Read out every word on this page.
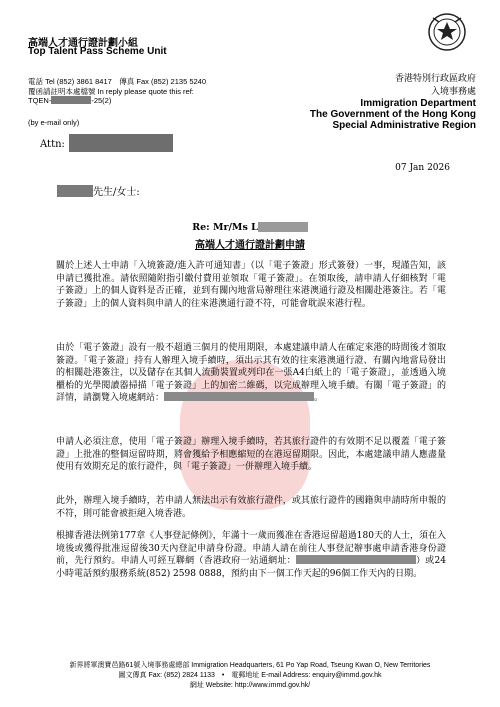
高端人才通行證計劃小組
Top Talent Pass Scheme Unit
電話 Tel (852) 3861 8417　傳真 Fax (852) 2135 5240
覆函請註明本處檔號 In reply please quote this ref:
TQEN-	-25(2)
(by e-mail only)
香港特別行政區政府
入境事務處
Immigration Department
The Government of the Hong Kong
Special Administrative Region
Attn:
07 Jan 2026
先生/女士:
Re: Mr/Ms L
高端人才通行證計劃申請
關於上述人士申請「入境簽證/進入許可通知書」（以「電子簽證」形式簽發）一事，現謹告知，該申請已獲批准。請依照隨附指引繳付費用並領取「電子簽證」。在領取後，請申請人仔細核對「電子簽證」上的個人資料是否正確，並到有關內地當局辦理往來港澳通行證及相關赴港簽注。若「電子簽證」上的個人資料與申請人的往來港澳通行證不符，可能會耽誤來港行程。
由於「電子簽證」設有一般不超過三個月的使用期限，本處建議申請人在確定來港的時間後才領取簽證。「電子簽證」持有人辦理入境手續時，須出示其有效的往來港澳通行證、有關內地當局發出的相關赴港簽注，以及儲存在其個人流動裝置或列印在一張A4白紙上的「電子簽證」，並透過入境櫃枱的光學閱讀器掃描「電子簽證」上的加密二維碼，以完成辦理入境手續。有關「電子簽證」的詳情，請瀏覽入境處網站：	。
申請人必須注意，使用「電子簽證」辦理入境手續時，若其旅行證件的有效期不足以覆蓋「電子簽證」上批准的整個逗留時期，將會獲給予相應縮短的在港逗留期限。因此，本處建議申請人應盡量使用有效期充足的旅行證件，與「電子簽證」一併辦理入境手續。
此外，辦理入境手續時，若申請人無法出示有效旅行證件，或其旅行證件的國籍與申請時所申報的不符，則可能會被拒絕入境香港。
根據香港法例第177章《人事登記條例》，年滿十一歲而獲准在香港逗留超過180天的人士，須在入境後或獲得批准逗留後30天內登記申請身份證。申請人請在前往人事登記辦事處申請香港身份證前，先行預約。申請人可經互聯網（香港政府一站通網址：	）或24小時電話預約服務系統(852) 2598 0888，預約由下一個工作天起的96個工作天內的日期。
新界將軍澳寶邑路61號入境事務處總部 Immigration Headquarters, 61 Po Yap Road, Tseung Kwan O, New Territories
圖文傳真 Fax: (852) 2824 1133　•　電郵地址 E-mail Address: enquiry@immd.gov.hk
網址 Website: http://www.immd.gov.hk/
